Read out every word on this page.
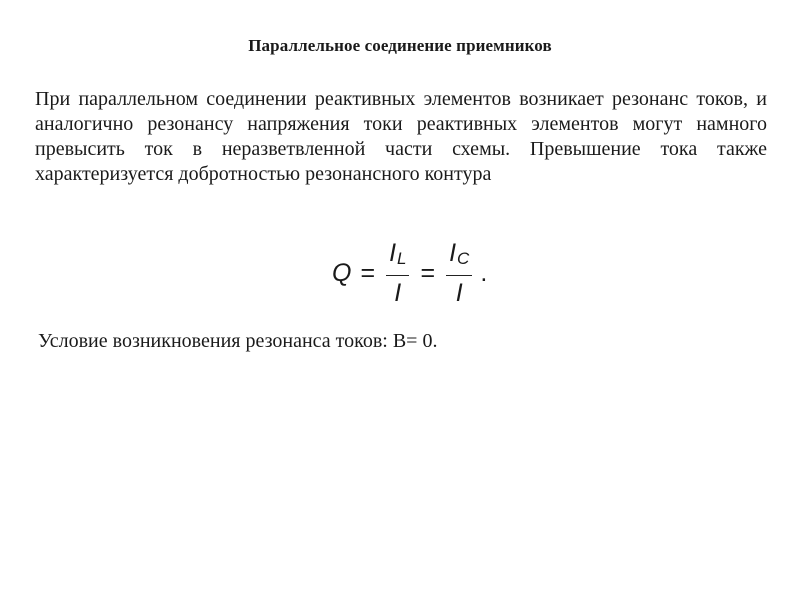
Параллельное соединение приемников

При параллельном соединении реактивных элементов возникает резонанс токов, и аналогично резонансу напряжения токи реактивных элементов могут намного превысить ток в неразветвленной части схемы. Превышение тока также характеризуется добротностью резонансного контура

$Q = \frac{I_L}{I} = \frac{I_C}{I}$ .
Условие возникновения резонанса токов: B= 0.
